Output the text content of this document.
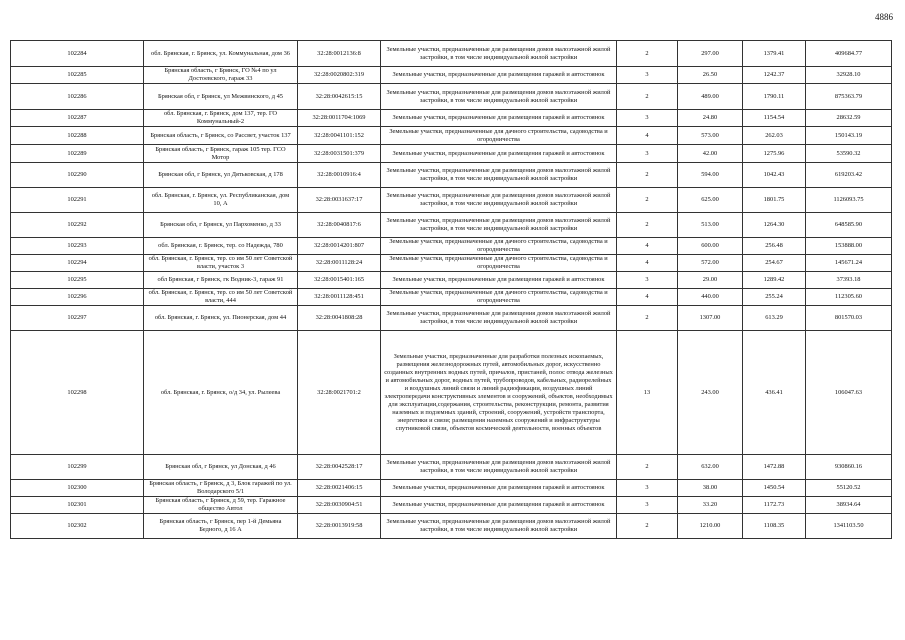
4886
102284	обл. Брянская, г. Брянск, ул. Коммунальная, дом 36	32:28:0012136:8	Земельные участки, предназначенные для размещения домов малоэтажной жилой застройки, в том числе индивидуальной жилой застройки	2	297.00	1379.41	409684.77
102285	Брянская область, г Брянск, ГО №4 по ул Достоевского, гараж 33	32:28:0020802:319	Земельные участки, предназначенные для размещения гаражей и автостоянок	3	26.50	1242.37	32928.10
102286	Брянская обл, г Брянск, ул Межвинского, д 45	32:28:0042615:15	Земельные участки, предназначенные для размещения домов малоэтажной жилой застройки, в том числе индивидуальной жилой застройки	2	489.00	1790.11	875363.79
102287	обл. Брянская, г. Брянск, дом 137, тер. ГО Коммунальный-2	32:28:0011704:1069	Земельные участки, предназначенные для размещения гаражей и автостоянок	3	24.80	1154.54	28632.59
102288	Брянская область, г Брянск, со Рассвет, участок 137	32:28:0041101:152	Земельные участки, предназначенные для дачного строительства, садоводства и огородничества	4	573.00	262.03	150143.19
102289	Брянская область, г Брянск, гараж 105 тер. ГСО Мотор	32:28:0031501:379	Земельные участки, предназначенные для размещения гаражей и автостоянок	3	42.00	1275.96	53590.32
102290	Брянская обл, г Брянск, ул Дятьковская, д 178	32:28:0010916:4	Земельные участки, предназначенные для размещения домов малоэтажной жилой застройки, в том числе индивидуальной жилой застройки	2	594.00	1042.43	619203.42
102291	обл. Брянская, г. Брянск, ул. Республиканская, дом 10, А	32:28:0031637:17	Земельные участки, предназначенные для размещения домов малоэтажной жилой застройки, в том числе индивидуальной жилой застройки	2	625.00	1801.75	1126093.75
102292	Брянская обл, г Брянск, ул Пархоменко, д 33	32:28:0040817:6	Земельные участки, предназначенные для размещения домов малоэтажной жилой застройки, в том числе индивидуальной жилой застройки	2	513.00	1264.30	648585.90
102293	обл. Брянская, г. Брянск, тер. со Надежда, 780	32:28:0014201:807	Земельные участки, предназначенные для дачного строительства, садоводства и огородничества	4	600.00	256.48	153888.00
102294	обл. Брянская, г. Брянск, тер. со им 50 лет Советской власти, участок 3	32:28:0011128:24	Земельные участки, предназначенные для дачного строительства, садоводства и огородничества	4	572.00	254.67	145671.24
102295	обл Брянская, г Брянск, гк Водник-3, гараж 91	32:28:0015401:165	Земельные участки, предназначенные для размещения гаражей и автостоянок	3	29.00	1289.42	37393.18
102296	обл. Брянская, г. Брянск, тер. со им 50 лет Советской власти, 444	32:28:0011128:451	Земельные участки, предназначенные для дачного строительства, садоводства и огородничества	4	440.00	255.24	112305.60
102297	обл. Брянская, г. Брянск, ул. Пионерская, дом 44	32:28:0041808:28	Земельные участки, предназначенные для размещения домов малоэтажной жилой застройки, в том числе индивидуальной жилой застройки	2	1307.00	613.29	801570.03
102298	обл. Брянская, г. Брянск, о/д 34, ул. Рылеева	32:28:0021701:2	Земельные участки, предназначенные для разработки полезных ископаемых, размещения железнодорожных путей, автомобильных дорог, искусственно созданных внутренних водных путей, причалов, пристаней, полос отвода железных и автомобильных дорог, водных путей, трубопроводов, кабельных, радиорелейных и воздушных линий связи и линий радиофикации, воздушных линий электропередачи конструктивных элементов и сооружений, объектов, необходимых для эксплуатации,содержания, строительства, реконструкции, ремонта, развития наземных и подземных зданий, строений, сооружений, устройств транспорта, энергетики и связи; размещения наземных сооружений и инфраструктуры спутниковой связи, объектов космической деятельности, военных объектов	13	243.00	436.41	106047.63
102299	Брянская обл, г Брянск, ул Донская, д 46	32:28:0042528:17	Земельные участки, предназначенные для размещения домов малоэтажной жилой застройки, в том числе индивидуальной жилой застройки	2	632.00	1472.88	930860.16
102300	Брянская область, г Брянск, д 3, Блок гаражей по ул. Володарского 5/1	32:28:0021406:15	Земельные участки, предназначенные для размещения гаражей и автостоянок	3	38.00	1450.54	55120.52
102301	Брянская область, г Брянск, д 59, тер. Гаражное общество Автол	32:28:0030904:51	Земельные участки, предназначенные для размещения гаражей и автостоянок	3	33.20	1172.73	38934.64
102302	Брянская область, г Брянск, пер 1-й Демьяна Бедного, д 16 А	32:28:0013919:58	Земельные участки, предназначенные для размещения домов малоэтажной жилой застройки, в том числе индивидуальной жилой застройки	2	1210.00	1108.35	1341103.50
